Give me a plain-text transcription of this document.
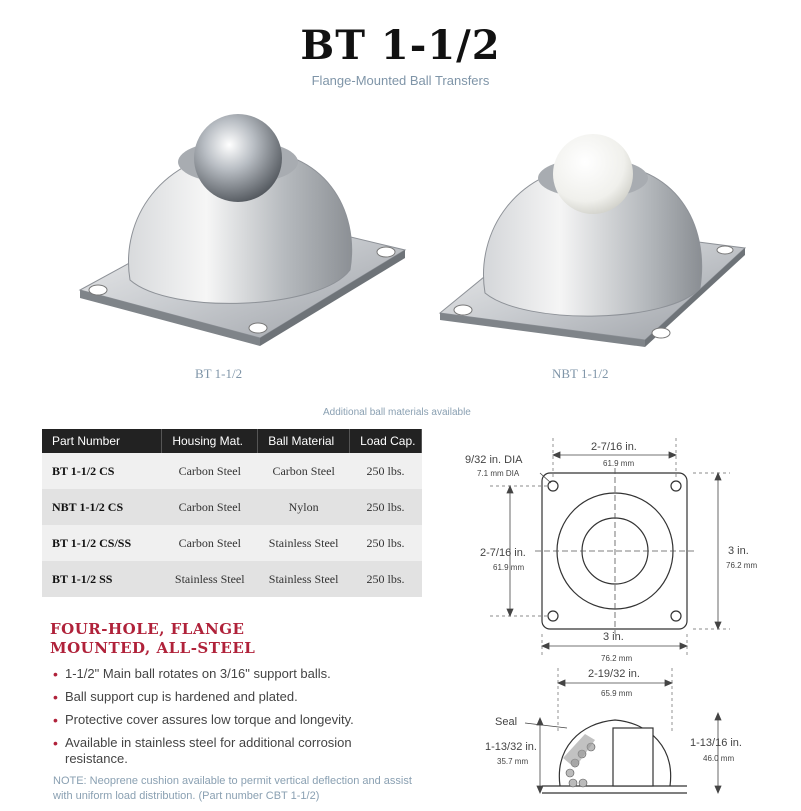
BT 1-1/2
Flange-Mounted Ball Transfers
BT 1-1/2	NBT 1-1/2
Additional ball materials available
Part Number	Housing Mat.	Ball Material	Load Cap.
BT 1-1/2 CS	Carbon Steel	Carbon Steel	250 lbs.
NBT 1-1/2 CS	Carbon Steel	Nylon	250 lbs.
BT 1-1/2 CS/SS	Carbon Steel	Stainless Steel	250 lbs.
BT 1-1/2 SS	Stainless Steel	Stainless Steel	250 lbs.
FOUR-HOLE, FLANGE
MOUNTED, ALL-STEEL
• 1-1/2" Main ball rotates on 3/16" support balls.
• Ball support cup is hardened and plated.
• Protective cover assures low torque and longevity.
• Available in stainless steel for additional corrosion resistance.
NOTE: Neoprene cushion available to permit vertical deflection and assist with uniform load distribution. (Part number CBT 1-1/2)
9/32 in. DIA
7.1 mm DIA
2-7/16 in.
61.9 mm
2-7/16 in.
61.9 mm
3 in.
76.2 mm
3 in.
76.2 mm
2-19/32 in.
65.9 mm
Seal
1-13/32 in.
35.7 mm
1-13/16 in.
46.0 mm
